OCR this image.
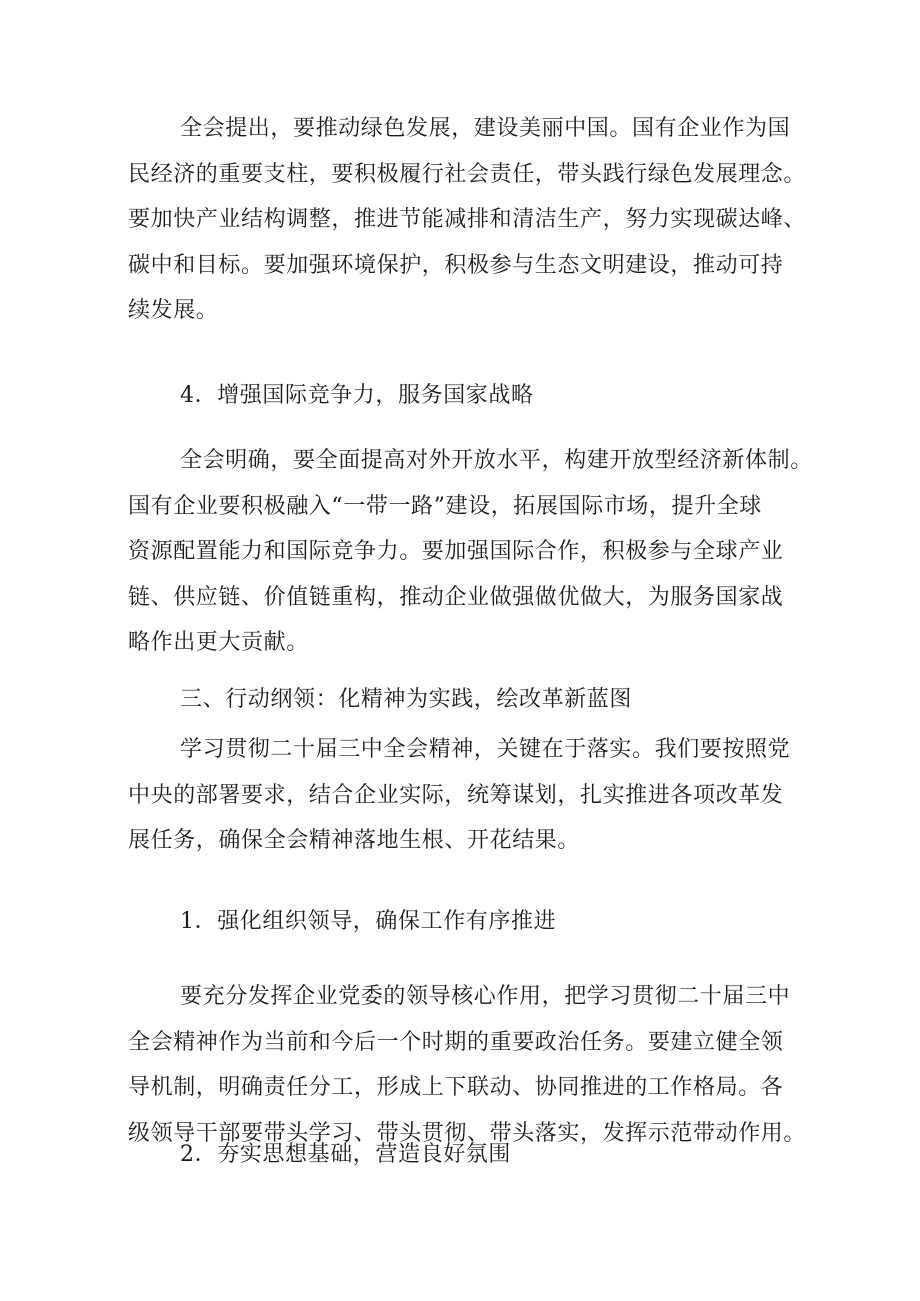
全会提出，要推动绿色发展，建设美丽中国。国有企业作为国
民经济的重要支柱，要积极履行社会责任，带头践行绿色发展理念。
要加快产业结构调整，推进节能减排和清洁生产，努力实现碳达峰、
碳中和目标。要加强环境保护，积极参与生态文明建设，推动可持
续发展。
4．增强国际竞争力，服务国家战略
全会明确，要全面提高对外开放水平，构建开放型经济新体制。
国有企业要积极融入“一带一路”建设，拓展国际市场，提升全球
资源配置能力和国际竞争力。要加强国际合作，积极参与全球产业
链、供应链、价值链重构，推动企业做强做优做大，为服务国家战
略作出更大贡献。
三、行动纲领：化精神为实践，绘改革新蓝图
学习贯彻二十届三中全会精神，关键在于落实。我们要按照党
中央的部署要求，结合企业实际，统筹谋划，扎实推进各项改革发
展任务，确保全会精神落地生根、开花结果。
1．强化组织领导，确保工作有序推进
要充分发挥企业党委的领导核心作用，把学习贯彻二十届三中
全会精神作为当前和今后一个时期的重要政治任务。要建立健全领
导机制，明确责任分工，形成上下联动、协同推进的工作格局。各
级领导干部要带头学习、带头贯彻、带头落实，发挥示范带动作用。
2．夯实思想基础，营造良好氛围
